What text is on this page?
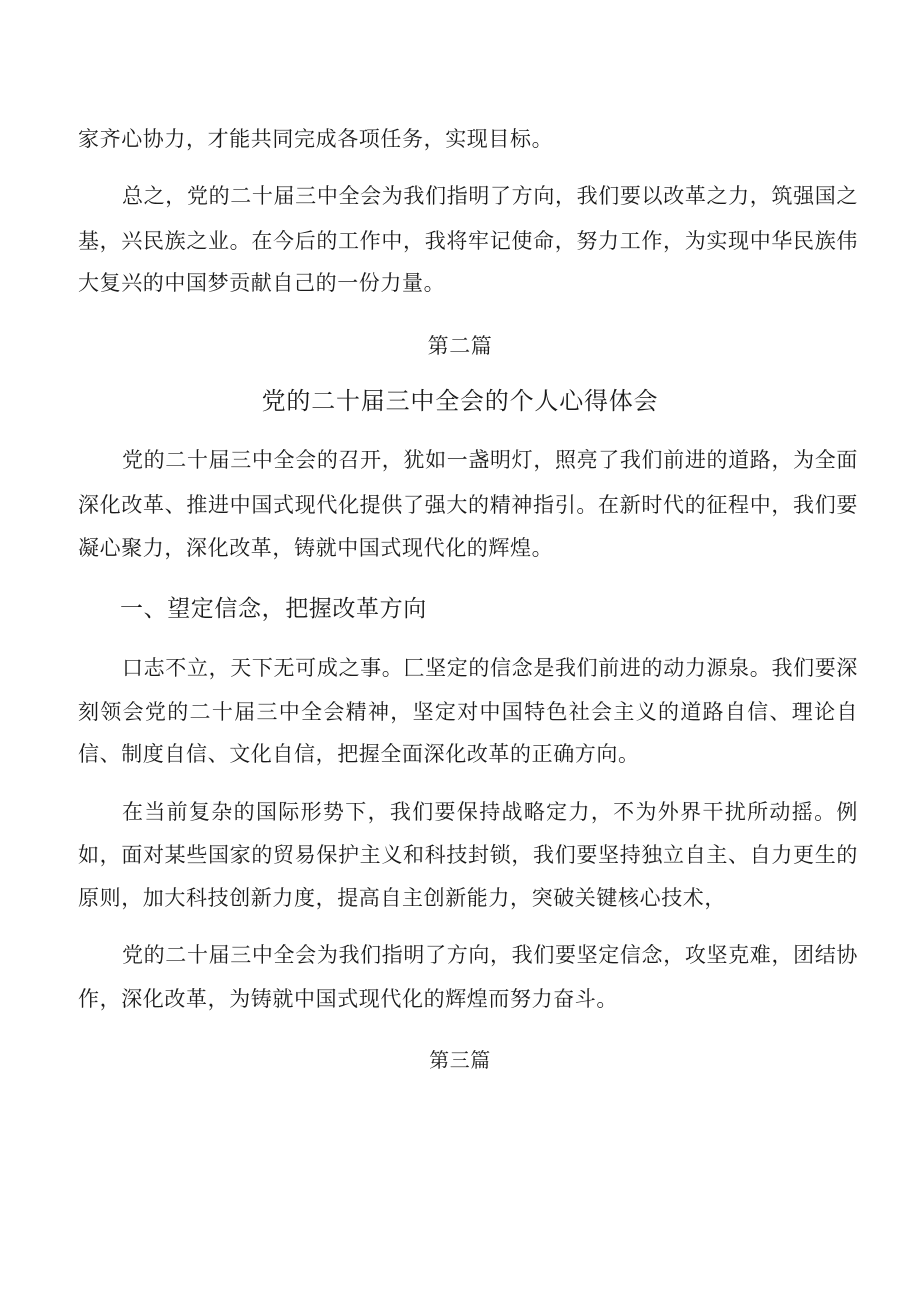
家齐心协力，才能共同完成各项任务，实现目标。
总之，党的二十届三中全会为我们指明了方向，我们要以改革之力，筑强国之
基，兴民族之业。在今后的工作中，我将牢记使命，努力工作，为实现中华民族伟
大复兴的中国梦贡献自己的一份力量。
第二篇
党的二十届三中全会的个人心得体会
党的二十届三中全会的召开，犹如一盏明灯，照亮了我们前进的道路，为全面
深化改革、推进中国式现代化提供了强大的精神指引。在新时代的征程中，我们要
凝心聚力，深化改革，铸就中国式现代化的辉煌。
一、望定信念，把握改革方向
口志不立，天下无可成之事。匚坚定的信念是我们前进的动力源泉。我们要深
刻领会党的二十届三中全会精神，坚定对中国特色社会主义的道路自信、理论自
信、制度自信、文化自信，把握全面深化改革的正确方向。
在当前复杂的国际形势下，我们要保持战略定力，不为外界干扰所动摇。例
如，面对某些国家的贸易保护主义和科技封锁，我们要坚持独立自主、自力更生的
原则，加大科技创新力度，提高自主创新能力，突破关键核心技术，
党的二十届三中全会为我们指明了方向，我们要坚定信念，攻坚克难，团结协
作，深化改革，为铸就中国式现代化的辉煌而努力奋斗。
第三篇
